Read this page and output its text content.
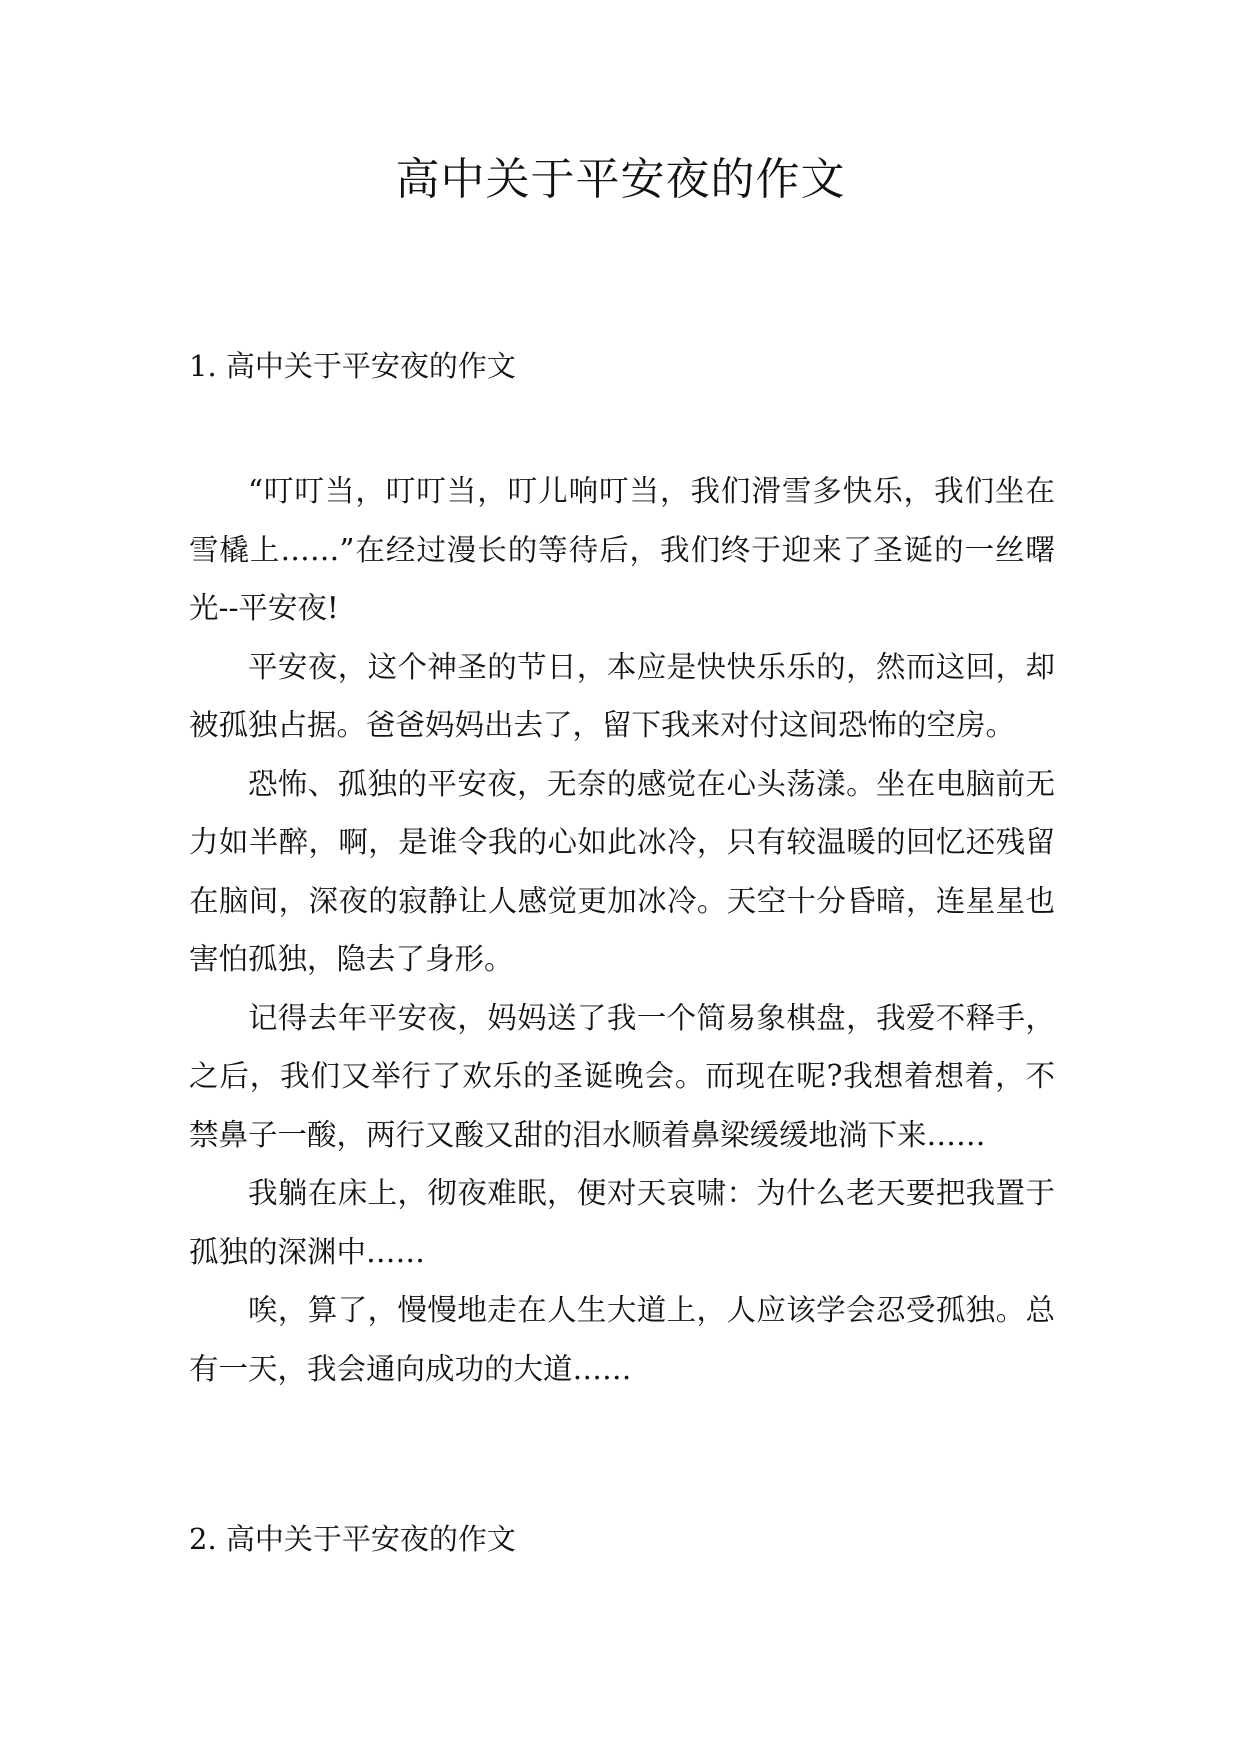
高中关于平安夜的作文
1. 高中关于平安夜的作文

“叮叮当，叮叮当，叮儿响叮当，我们滑雪多快乐，我们坐在雪橇上……”在经过漫长的等待后，我们终于迎来了圣诞的一丝曙光--平安夜!

平安夜，这个神圣的节日，本应是快快乐乐的，然而这回，却被孤独占据。爸爸妈妈出去了，留下我来对付这间恐怖的空房。

恐怖、孤独的平安夜，无奈的感觉在心头荡漾。坐在电脑前无力如半醉，啊，是谁令我的心如此冰冷，只有较温暖的回忆还残留在脑间，深夜的寂静让人感觉更加冰冷。天空十分昏暗，连星星也害怕孤独，隐去了身形。

记得去年平安夜，妈妈送了我一个简易象棋盘，我爱不释手，之后，我们又举行了欢乐的圣诞晚会。而现在呢?我想着想着，不禁鼻子一酸，两行又酸又甜的泪水顺着鼻梁缓缓地淌下来……

我躺在床上，彻夜难眠，便对天哀啸：为什么老天要把我置于孤独的深渊中……

唉，算了，慢慢地走在人生大道上，人应该学会忍受孤独。总有一天，我会通向成功的大道……

2. 高中关于平安夜的作文
